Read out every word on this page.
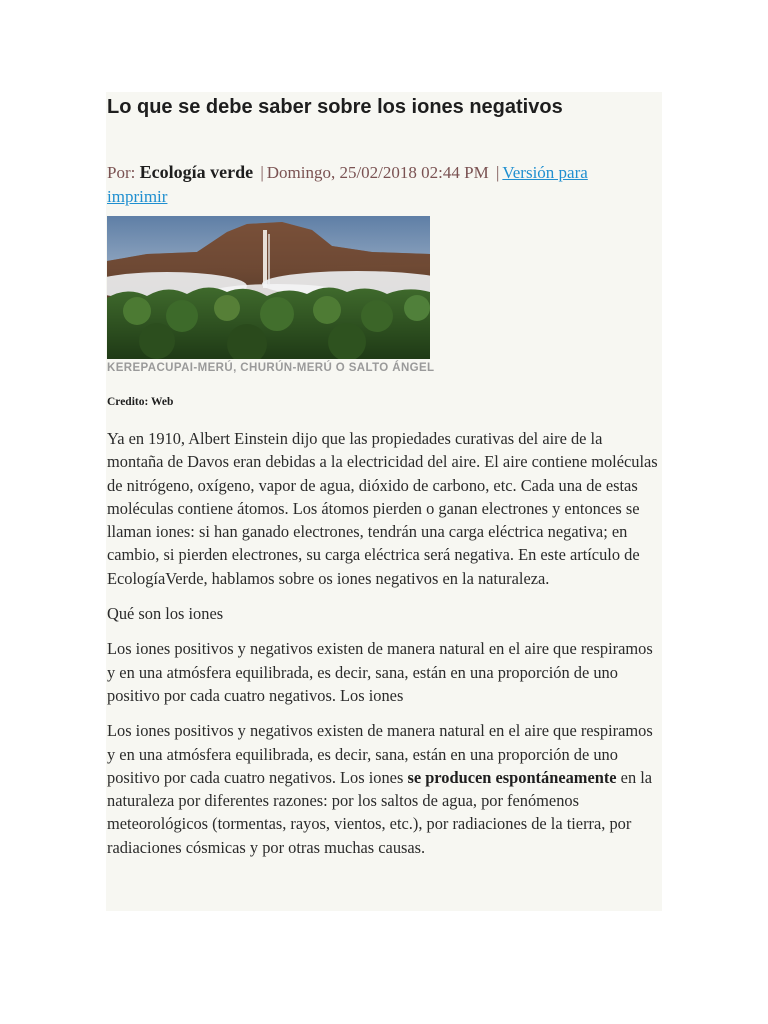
Lo que se debe saber sobre los iones negativos
Por: Ecología verde | Domingo, 25/02/2018 02:44 PM | Versión para imprimir
KEREPACUPAI-MERÚ, CHURÚN-MERÚ O SALTO ÁNGEL
Credito: Web

Ya en 1910, Albert Einstein dijo que las propiedades curativas del aire de la montaña de Davos eran debidas a la electricidad del aire. El aire contiene moléculas de nitrógeno, oxígeno, vapor de agua, dióxido de carbono, etc. Cada una de estas moléculas contiene átomos. Los átomos pierden o ganan electrones y entonces se llaman iones: si han ganado electrones, tendrán una carga eléctrica negativa; en cambio, si pierden electrones, su carga eléctrica será negativa. En este artículo de EcologíaVerde, hablamos sobre os iones negativos en la naturaleza.

Qué son los iones

Los iones positivos y negativos existen de manera natural en el aire que respiramos y en una atmósfera equilibrada, es decir, sana, están en una proporción de uno positivo por cada cuatro negativos. Los iones

Los iones positivos y negativos existen de manera natural en el aire que respiramos y en una atmósfera equilibrada, es decir, sana, están en una proporción de uno positivo por cada cuatro negativos. Los iones se producen espontáneamente en la naturaleza por diferentes razones: por los saltos de agua, por fenómenos meteorológicos (tormentas, rayos, vientos, etc.), por radiaciones de la tierra, por radiaciones cósmicas y por otras muchas causas.
